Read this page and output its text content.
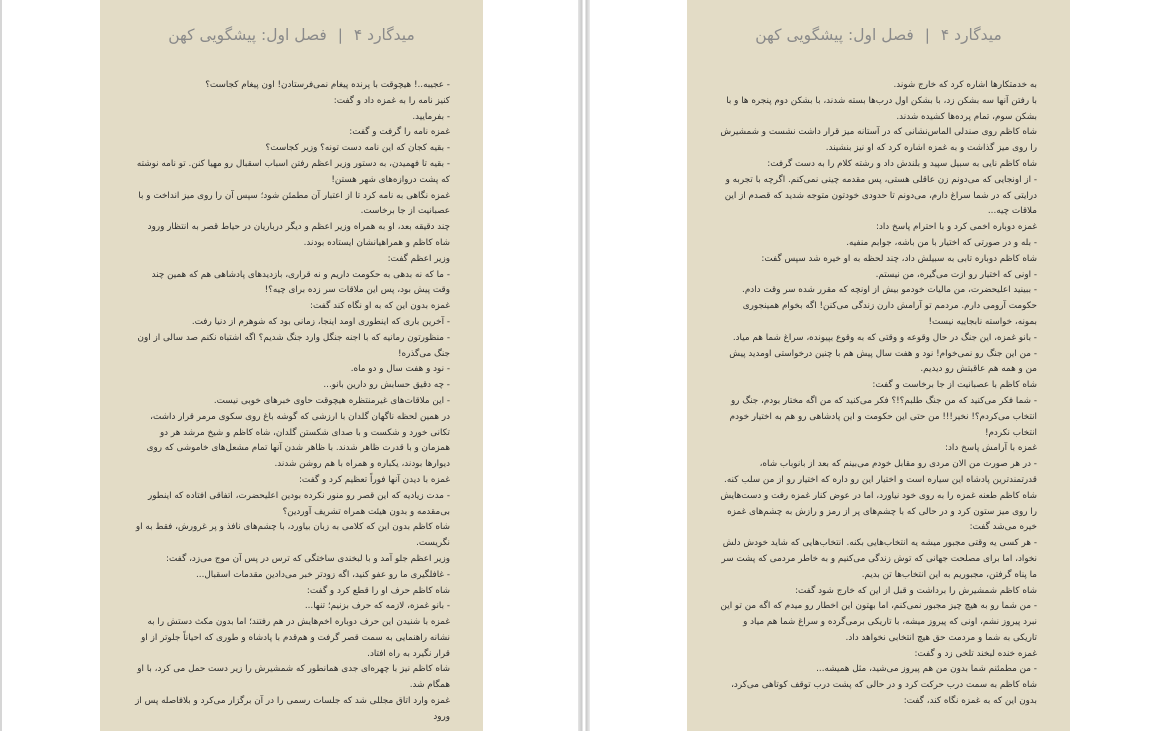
میدگارد ۴ | فصل اول: پیشگویی کهن

- عجیبه..! هیچوقت با پرنده پیغام نمی‌فرستادن! اون پیغام کجاست؟

کنیز نامه را به غمزه داد و گفت:

- بفرمایید.

غمزه نامه را گرفت و گفت:

- بقیه کجان که این نامه دست تونه؟ وزیر کجاست؟

- بقیه تا فهمیدن، به دستور وزیر اعظم رفتن اسباب اسقبال رو مهیا کنن. تو نامه نوشته که پشت دروازه‌های شهر هستن!

غمزه نگاهی به نامه کرد تا از اعتبار آن مطمئن شود؛ سپس آن را روی میز انداخت و با عصبانیت از جا برخاست.

چند دقیقه بعد، او به همراه وزیر اعظم و دیگر درباریان در حیاط قصر به انتظار ورود شاه کاظم و همراهیانشان ایستاده بودند.

وزیر اعظم گفت:

- ما که نه بدهی به حکومت داریم و نه قراری، بازدیدهای پادشاهی هم که همین چند وقت پیش بود، پس این ملاقات سر زده برای چیه؟!

غمزه بدون این که به او نگاه کند گفت:

- آخرین باری که اینطوری اومد اینجا، زمانی بود که شوهرم از دنیا رفت.

- منظورتون رمانیه که با اجنه جنگل وارد جنگ شدیم؟ اگه اشتباه نکنم صد سالی از اون جنگ می‌گذره!

- نود و هفت سال و دو ماه.

- چه دقیق حسابش رو دارین بانو...

- این ملاقات‌های غیرمنتظره هیچوقت حاوی خبرهای خوبی نیست.

در همین لحظه ناگهان گلدان با ارزشی که گوشه باغ روی سکوی مرمر قرار داشت، تکانی خورد و شکست و با صدای شکستن گلدان، شاه کاظم و شیخ مرشد هر دو همزمان و با قدرت ظاهر شدند. با ظاهر شدن آنها تمام مشعل‌های خاموشی که روی دیوارها بودند، یکباره و همراه با هم روشن شدند.

غمزه با دیدن آنها فوراً تعظیم کرد و گفت:

- مدت زیادیه که این قصر رو منور نکرده بودین اعلیحضرت، اتفاقی افتاده که اینطور بی‌مقدمه و بدون هیئت همراه تشریف آوردین؟

شاه کاظم بدون این که کلامی به زبان بیاورد، با چشم‌های نافذ و پر غرورش، فقط به او نگریست.

وزیر اعظم جلو آمد و با لبخندی ساختگی که ترس در پس آن موج می‌زد، گفت:

- غافلگیری ما رو عفو کنید، اگه زودتر خبر می‌دادین مقدمات اسقبال...

شاه کاظم حرف او را قطع کرد و گفت:

- بانو غمزه، لازمه که حرف بزنیم؛ تنها...

غمزه با شنیدن این حرف دوباره اخم‌هایش در هم رفتند؛ اما بدون مکث دستش را به نشانه راهنمایی به سمت قصر گرفت و هم‌قدم با پادشاه و طوری که احیاناً جلوتر از او قرار نگیرد به راه افتاد.

شاه کاظم نیز با چهره‌ای جدی همانطور که شمشیرش را زیر دست حمل می کرد، با او همگام شد.

غمزه وارد اتاق مجللی شد که جلسات رسمی را در آن برگزار می‌کرد و بلافاصله پس از ورود

میدگارد ۴ | فصل اول: پیشگویی کهن

به خدمتکارها اشاره کرد که خارج شوند.

با رفتن آنها سه بشکن زد، با بشکن اول درب‌ها بسته شدند، با بشکن دوم پنجره ها و با بشکن سوم، تمام پرده‌ها کشیده شدند.

شاه کاظم روی صندلی الماس‌نشانی که در آستانه میز قرار داشت نشست و شمشیرش را روی میز گذاشت و به غمزه اشاره کرد که او نیز بنشیند.

شاه کاظم نایی به سبیل سپید و بلندش داد و رشته کلام را به دست گرفت:

- از اونجایی که می‌دونم زن عاقلی هستی، پس مقدمه چینی نمی‌کنم. اگرچه با تجربه و درایتی که در شما سراغ دارم، می‌دونم تا حدودی خودتون متوجه شدید که قصدم از این ملاقات چیه...

غمزه دوباره اخمی کرد و با احترام پاسخ داد:

- بله و در صورتی که اختیار با من باشه، جوابم منفیه.

شاه کاظم دوباره تابی به سبیلش داد، چند لحظه به او خیره شد سپس گفت:

- اونی که اختیار رو ازت می‌گیره، من نیستم.

- ببینید اعلیحضرت، من مالیات خودمو بیش از اونچه که مقرر شده سر وقت دادم. حکومت آرومی دارم. مردمم تو آرامش دارن زندگی می‌کنن! اگه بخوام همینجوری بمونه، خواسته نابجاییه نیست!

- بانو غمزه، این جنگ در حال وقوعه و وقتی که به وقوع بپیونده، سراغ شما هم میاد.

- من این جنگ رو نمی‌خوام! نود و هفت سال پیش هم با چنین درخواستی اومدید پیش من و همه هم عاقبتش رو دیدیم.

شاه کاظم با عصبانیت از جا برخاست و گفت:

- شما فکر می‌کنید که من جنگ طلبم؟!؟ فکر می‌کنید که من اگه مختار بودم، جنگ رو انتخاب می‌کردم؟! نخیر!!! من حتی این حکومت و این پادشاهی رو هم به اختیار خودم انتخاب نکردم!

غمزه با آرامش پاسخ داد:

- در هر صورت من الان مردی رو مقابل خودم می‌بینم که بعد از بانوباب شاه، قدرتمندترین پادشاه این سیاره است و اختیار این رو داره که اختیار رو از من سلب کنه.

شاه کاظم طعنه غمزه را به روی خود نیاورد، اما در عوض کنار غمزه رفت و دست‌هایش را روی میز ستون کرد و در حالی که با چشم‌های پر از رمز و رازش به چشم‌های غمزه خیره می‌شد گفت:

- هر کسی یه وقتی مجبور میشه یه انتخاب‌هایی بکنه. انتخاب‌هایی که شاید خودش دلش نخواد، اما برای مصلحت جهانی که توش زندگی می‌کنیم و به خاطر مردمی که پشت سر ما پناه گرفتن، مجبوریم به این انتخاب‌ها تن بدیم.

شاه کاظم شمشیرش را برداشت و قبل از این که خارج شود گفت:

- من شما رو به هیچ چیز مجبور نمی‌کنم، اما بهتون این اخطار رو میدم که اگه من تو این نبرد پیروز نشم، اونی که پیروز میشه، با تاریکی برمی‌گرده و سراغ شما هم میاد و تاریکی به شما و مردمت حق هیچ انتخابی نخواهد داد.

غمزه خنده لبخند تلخی زد و گفت:

- من مطمئنم شما بدون من هم پیروز می‌شید، مثل همیشه...

شاه کاظم به سمت درب حرکت کرد و در حالی که پشت درب توقف کوتاهی می‌کرد، بدون این که به غمزه نگاه کند، گفت:
